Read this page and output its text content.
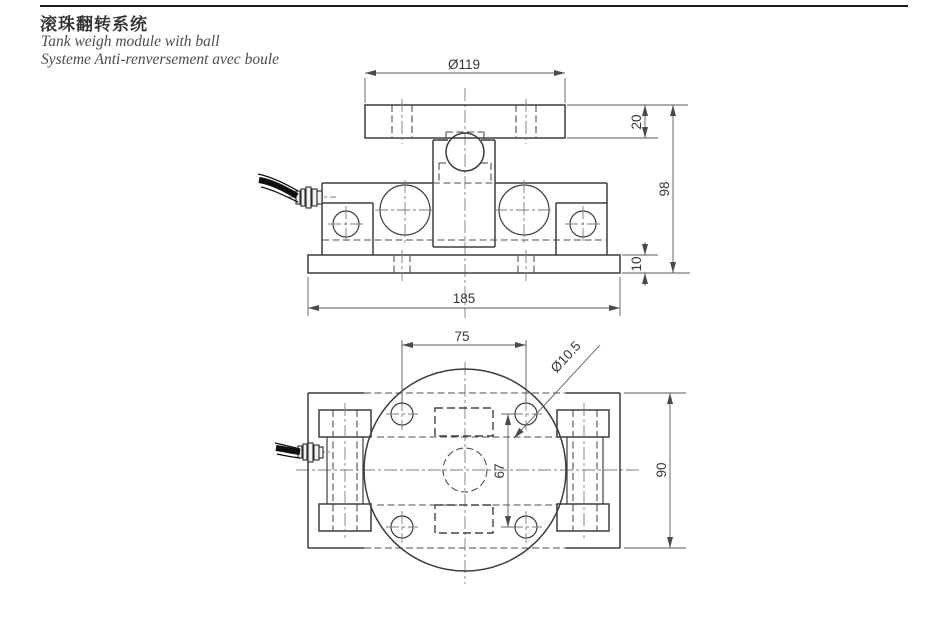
滚珠翻转系统
Tank weigh module with ball
Systeme Anti-renversement avec boule	Ø119
20
98
10
185
75
Ø10.5
67	90
